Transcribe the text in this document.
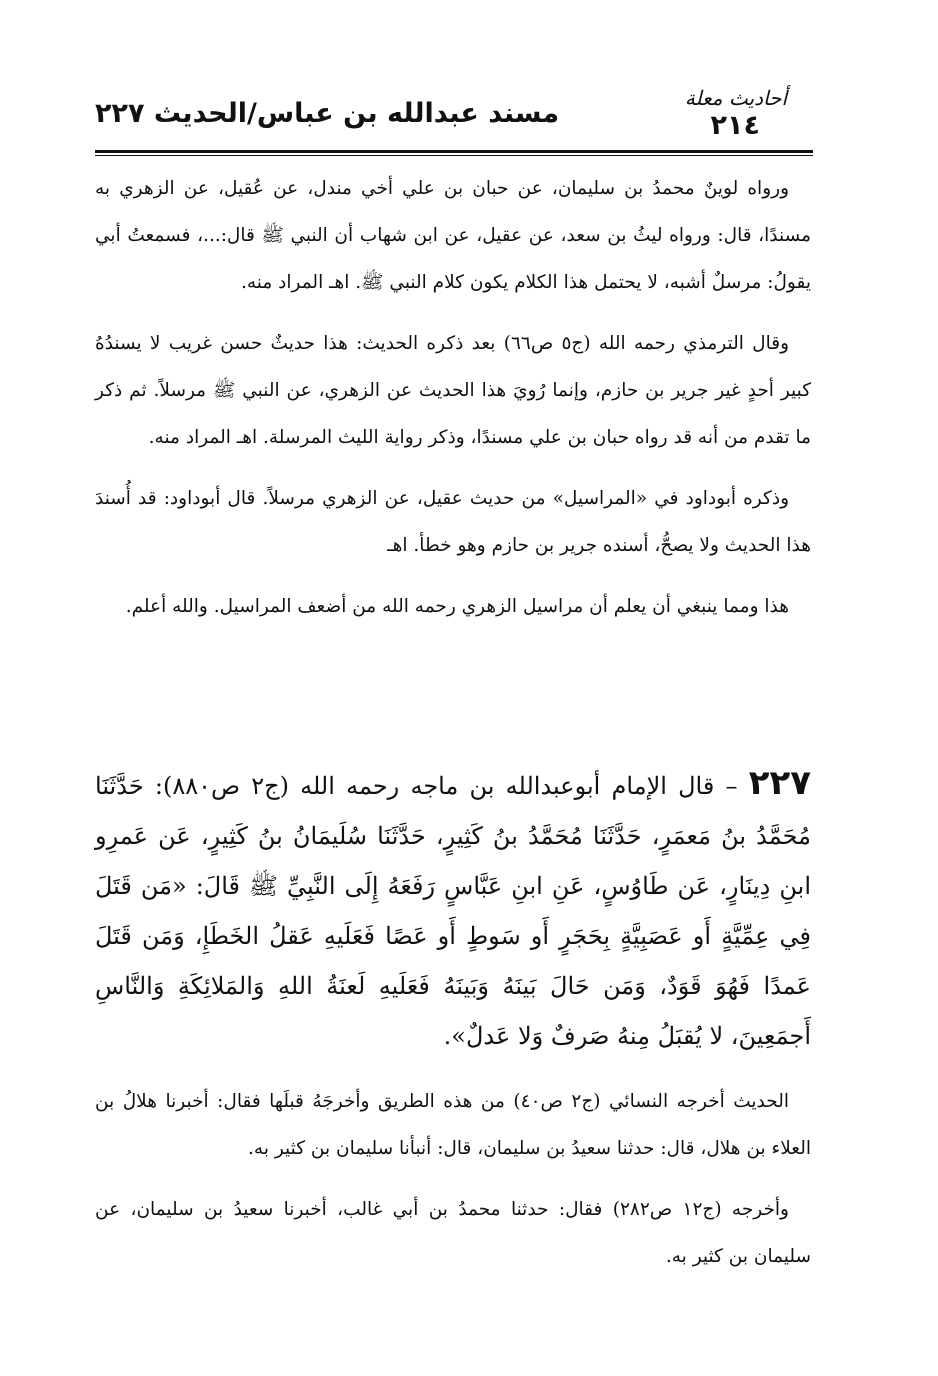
مسند عبدالله بن عباس/الحديث ٢٢٧	أحاديث معلة
٢١٤

ورواه لوينٌ محمدُ بن سليمان، عن حبان بن علي أخي مندل، عن عُقيل، عن الزهري به مسندًا، قال: ورواه ليثُ بن سعد، عن عقيل، عن ابن شهاب أن النبي ﷺ قال:...، فسمعتُ أبي يقولُ: مرسلٌ أشبه، لا يحتمل هذا الكلام يكون كلام النبي ﷺ. اهـ المراد منه.

وقال الترمذي رحمه الله (ج٥ ص٦٦) بعد ذكره الحديث: هذا حديثٌ حسن غريب لا يسندُهُ كبير أحدٍ غير جرير بن حازم، وإنما رُويَ هذا الحديث عن الزهري، عن النبي ﷺ مرسلاً. ثم ذكر ما تقدم من أنه قد رواه حبان بن علي مسندًا، وذكر رواية الليث المرسلة. اهـ المراد منه.

وذكره أبوداود في «المراسيل» من حديث عقيل، عن الزهري مرسلاً. قال أبوداود: قد أُسندَ هذا الحديث ولا يصحُّ، أسنده جرير بن حازم وهو خطأ. اهـ

هذا ومما ينبغي أن يعلم أن مراسيل الزهري رحمه الله من أضعف المراسيل. والله أعلم.

٢٢٧ – قال الإمام أبوعبدالله بن ماجه رحمه الله (ج٢ ص٨٨٠): حَدَّثَنَا مُحَمَّدُ بنُ مَعمَرٍ، حَدَّثَنَا مُحَمَّدُ بنُ كَثِيرٍ، حَدَّثَنَا سُلَيمَانُ بنُ كَثِيرٍ، عَن عَمرِو ابنِ دِينَارٍ، عَن طَاوُسٍ، عَنِ ابنِ عَبَّاسٍ رَفَعَهُ إِلَى النَّبِيِّ ﷺ قَالَ: «مَن قَتَلَ فِي عِمِّيَّةٍ أَو عَصَبِيَّةٍ بِحَجَرٍ أَو سَوطٍ أَو عَصًا فَعَلَيهِ عَقلُ الخَطَإِ، وَمَن قَتَلَ عَمدًا فَهُوَ قَوَدٌ، وَمَن حَالَ بَينَهُ وَبَينَهُ فَعَلَيهِ لَعنَةُ اللهِ وَالمَلائِكَةِ وَالنَّاسِ أَجمَعِينَ، لا يُقبَلُ مِنهُ صَرفٌ وَلا عَدلٌ».

الحديث أخرجه النسائي (ج٢ ص٤٠) من هذه الطريق وأخرجَهُ قبلَها فقال: أخبرنا هلالُ بن العلاء بن هلال، قال: حدثنا سعيدُ بن سليمان، قال: أنبأنا سليمان بن كثير به.

وأخرجه (ج١٢ ص٢٨٢) فقال: حدثنا محمدُ بن أبي غالب، أخبرنا سعيدُ بن سليمان، عن سليمان بن كثير به.
